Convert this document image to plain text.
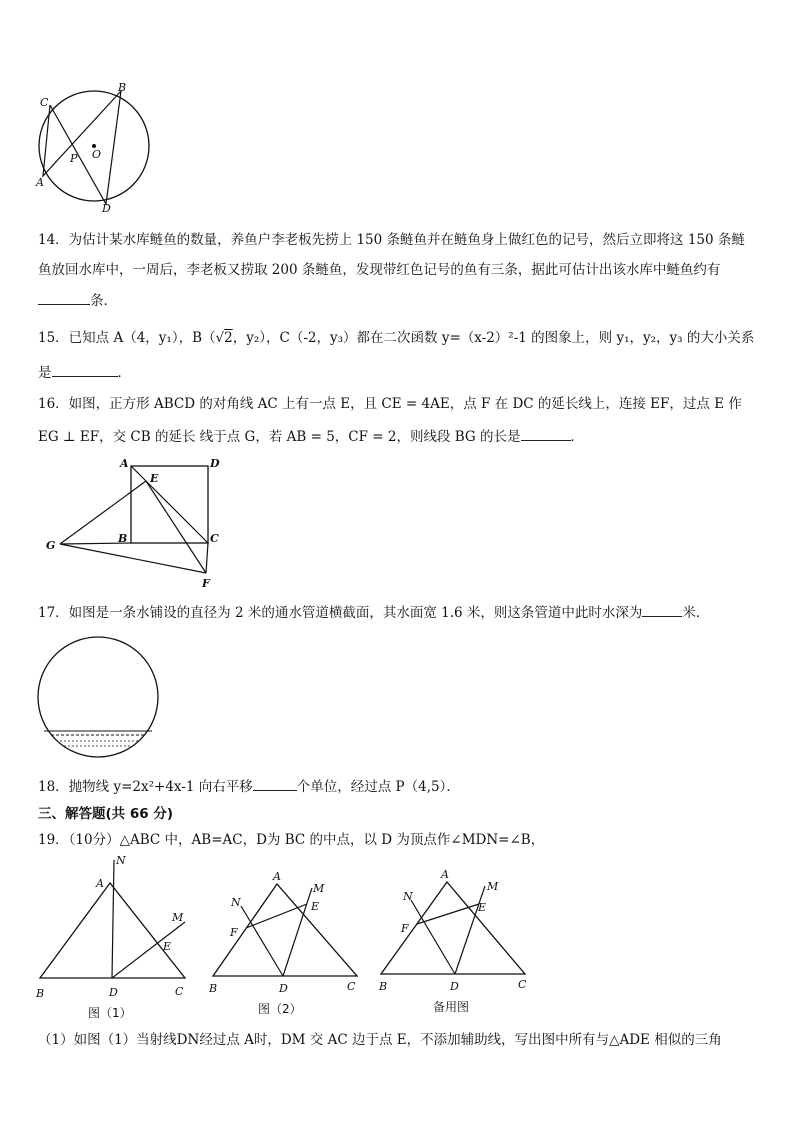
C
B
A
D
P O
14．为估计某水库鲢鱼的数量，养鱼户李老板先捞上 150 条鲢鱼并在鲢鱼身上做红色的记号，然后立即将这 150 条鲢
鱼放回水库中，一周后，李老板又捞取 200 条鲢鱼，发现带红色记号的鱼有三条，据此可估计出该水库中鲢鱼约有
条．
15．已知点 A（4，y₁），B（√2，y₂），C（-2，y₃）都在二次函数 y=（x-2）²-1 的图象上，则 y₁，y₂，y₃ 的大小关系
是	．
16．如图，正方形 ABCD 的对角线 AC 上有一点 E，且 CE = 4AE，点 F 在 DC 的延长线上，连接 EF，过点 E 作
EG ⊥ EF，交 CB 的延长 线于点 G，若 AB = 5，CF = 2，则线段 BG 的长是	．
A	D
E
B	C
G
F
17．如图是一条水铺设的直径为 2 米的通水管道横截面，其水面宽 1.6 米，则这条管道中此时水深为	米．
18．抛物线 y=2x²+4x-1 向右平移	个单位，经过点 P（4,5）．
三、解答题(共 66 分)
19．（10分）△ABC 中，AB=AC，D为 BC 的中点，以 D 为顶点作∠MDN=∠B，
N
A
M
E
B	D	C
图（1）
A
M
N	E
F
B	D	C
图（2）
A
M
N
E
F
B	D	C
备用图
（1）如图（1）当射线DN经过点 A时，DM 交 AC 边于点 E，不添加辅助线，写出图中所有与△ADE 相似的三角
